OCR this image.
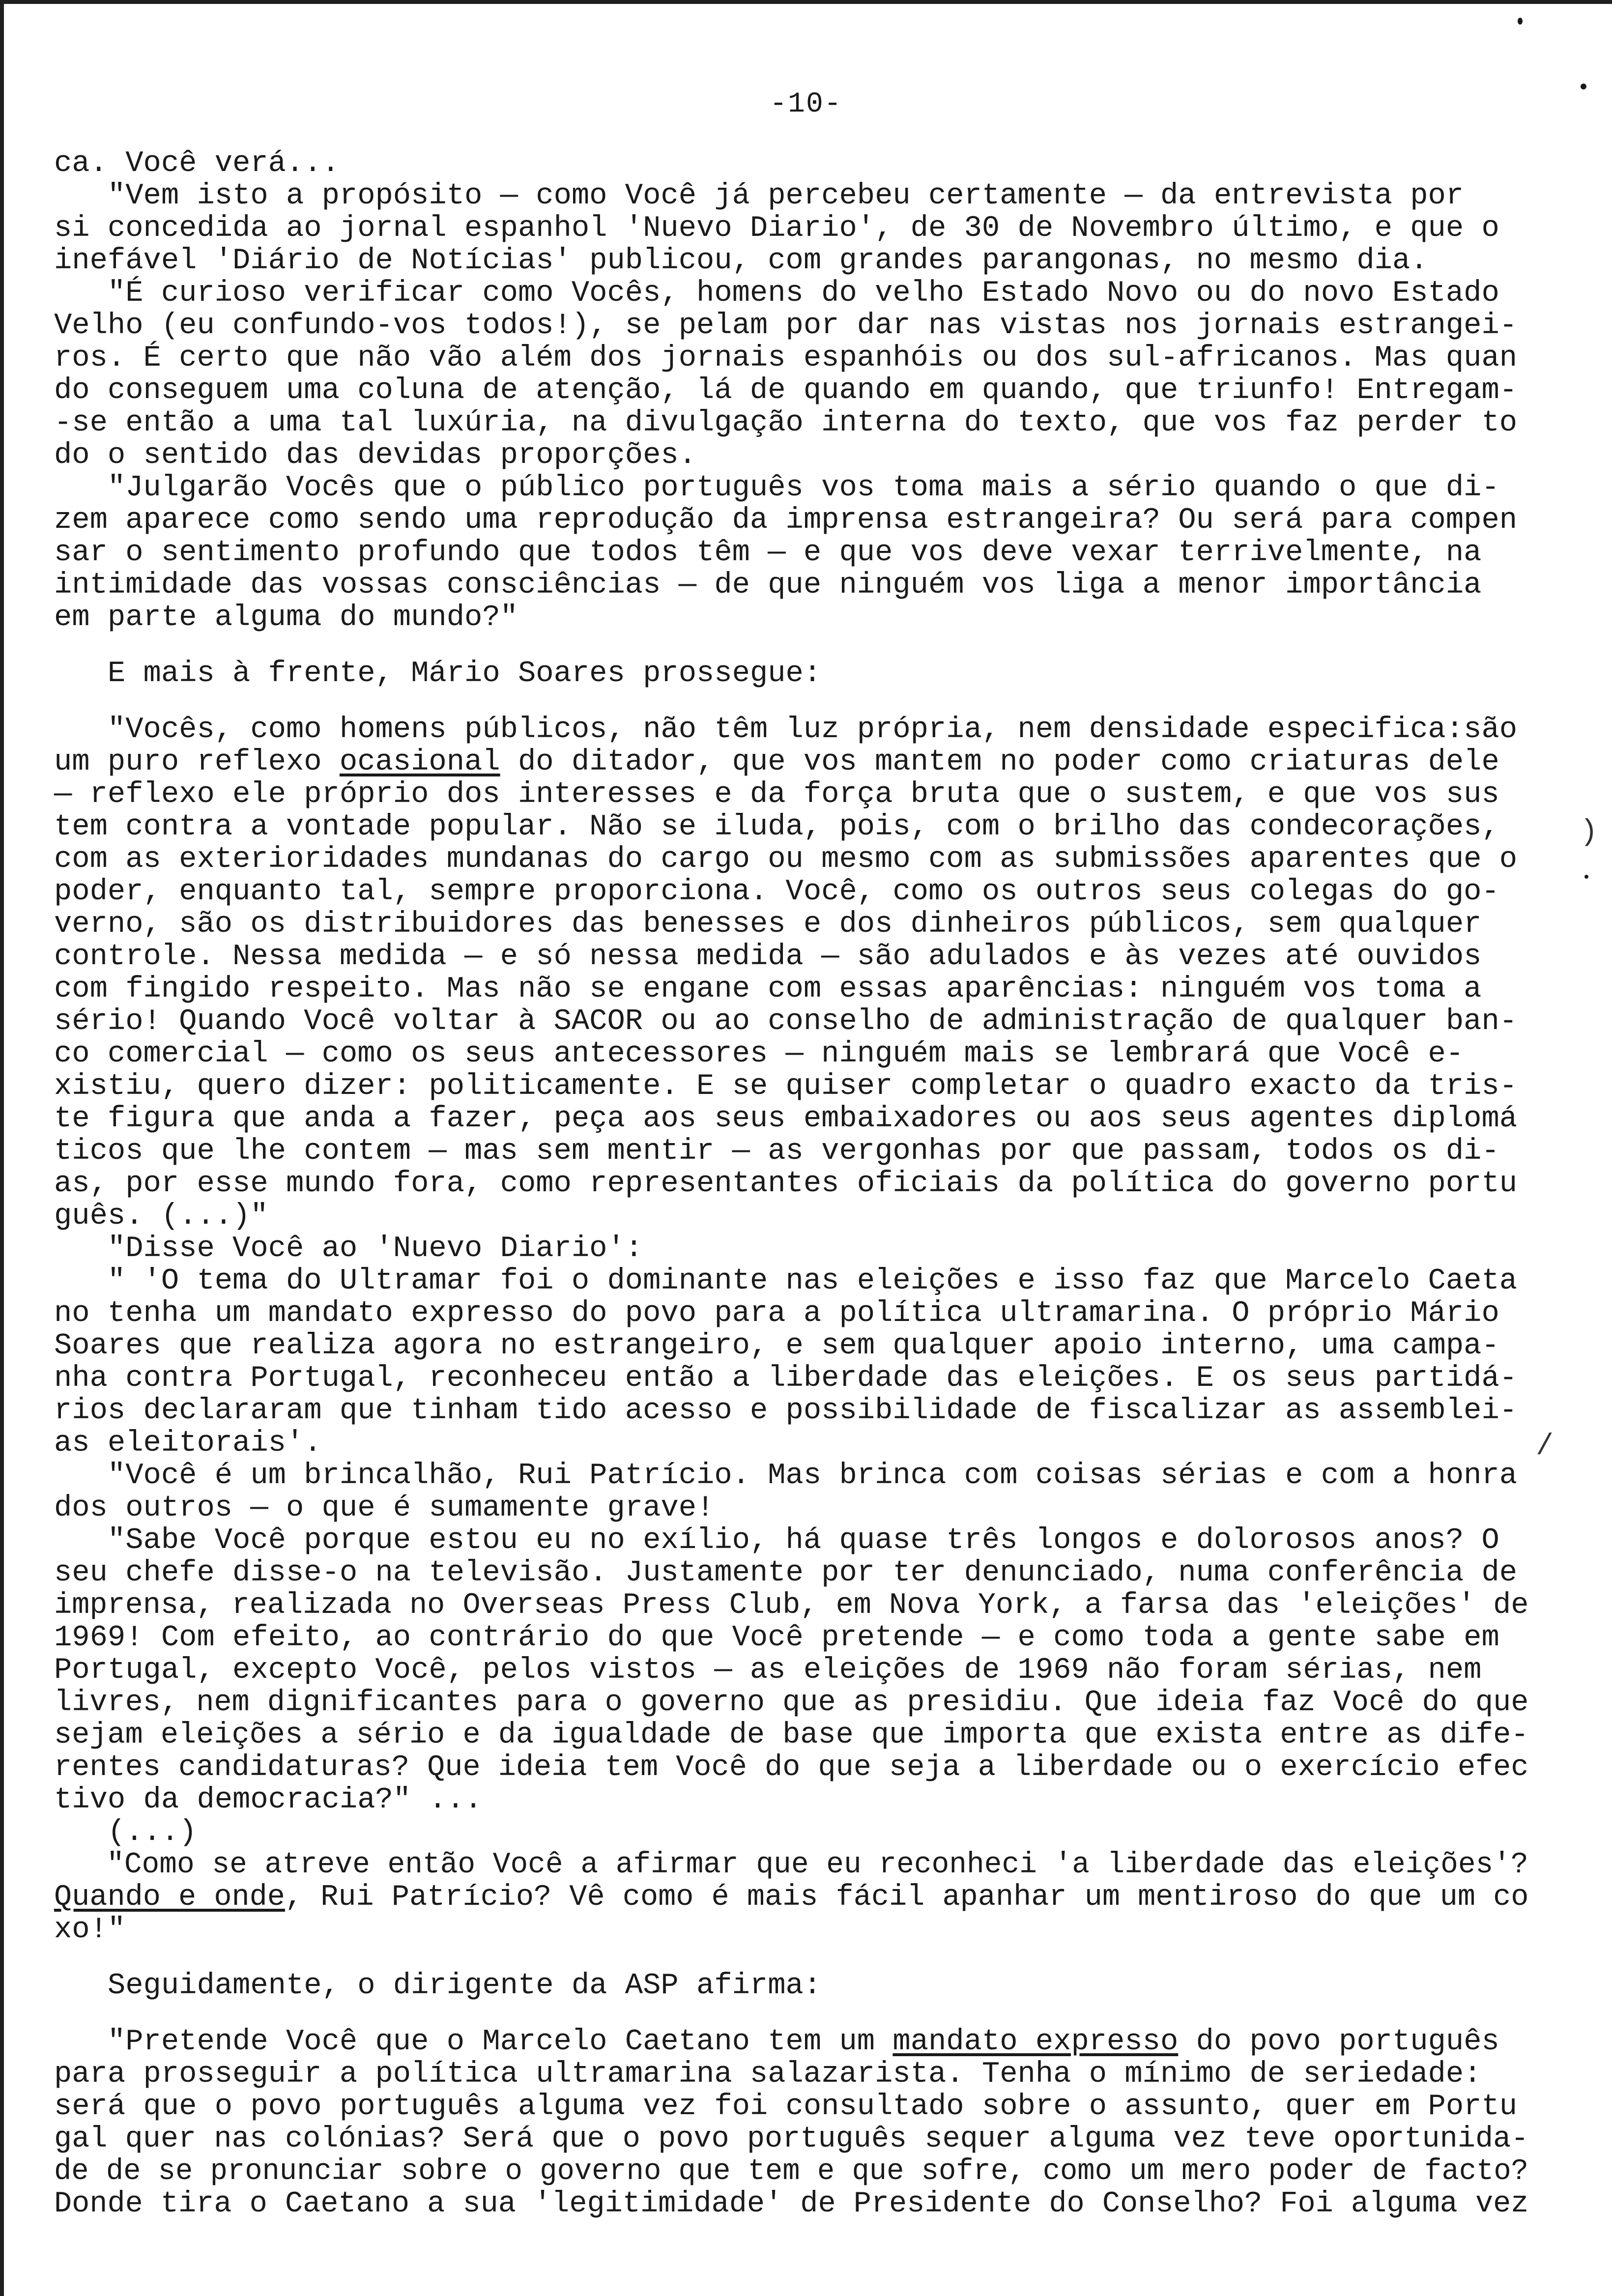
-10-
ca. Você verá...
"Vem isto a propósito — como Você já percebeu certamente — da entrevista por
si concedida ao jornal espanhol 'Nuevo Diario', de 30 de Novembro último, e que o
inefável 'Diário de Notícias' publicou, com grandes parangonas, no mesmo dia.
"É curioso verificar como Vocês, homens do velho Estado Novo ou do novo Estado
Velho (eu confundo-vos todos!), se pelam por dar nas vistas nos jornais estrangei-
ros. É certo que não vão além dos jornais espanhóis ou dos sul-africanos. Mas quan
do conseguem uma coluna de atenção, lá de quando em quando, que triunfo! Entregam-
-se então a uma tal luxúria, na divulgação interna do texto, que vos faz perder to
do o sentido das devidas proporções.
"Julgarão Vocês que o público português vos toma mais a sério quando o que di-
zem aparece como sendo uma reprodução da imprensa estrangeira? Ou será para compen
sar o sentimento profundo que todos têm — e que vos deve vexar terrivelmente, na
intimidade das vossas consciências — de que ninguém vos liga a menor importância
em parte alguma do mundo?"
E mais à frente, Mário Soares prossegue:
"Vocês, como homens públicos, não têm luz própria, nem densidade especifica:são
um puro reflexo ocasional do ditador, que vos mantem no poder como criaturas dele
— reflexo ele próprio dos interesses e da força bruta que o sustem, e que vos sus
tem contra a vontade popular. Não se iluda, pois, com o brilho das condecorações,
com as exterioridades mundanas do cargo ou mesmo com as submissões aparentes que o
poder, enquanto tal, sempre proporciona. Você, como os outros seus colegas do go-
verno, são os distribuidores das benesses e dos dinheiros públicos, sem qualquer
controle. Nessa medida — e só nessa medida — são adulados e às vezes até ouvidos
com fingido respeito. Mas não se engane com essas aparências: ninguém vos toma a
sério! Quando Você voltar à SACOR ou ao conselho de administração de qualquer ban-
co comercial — como os seus antecessores — ninguém mais se lembrará que Você e-
xistiu, quero dizer: politicamente. E se quiser completar o quadro exacto da tris-
te figura que anda a fazer, peça aos seus embaixadores ou aos seus agentes diplomá
ticos que lhe contem — mas sem mentir — as vergonhas por que passam, todos os di-
as, por esse mundo fora, como representantes oficiais da política do governo portu
guês. (...)"
"Disse Você ao 'Nuevo Diario':
" 'O tema do Ultramar foi o dominante nas eleições e isso faz que Marcelo Caeta
no tenha um mandato expresso do povo para a política ultramarina. O próprio Mário
Soares que realiza agora no estrangeiro, e sem qualquer apoio interno, uma campa-
nha contra Portugal, reconheceu então a liberdade das eleições. E os seus partidá-
rios declararam que tinham tido acesso e possibilidade de fiscalizar as assemblei-
as eleitorais'.
"Você é um brincalhão, Rui Patrício. Mas brinca com coisas sérias e com a honra
dos outros — o que é sumamente grave!
"Sabe Você porque estou eu no exílio, há quase três longos e dolorosos anos? O
seu chefe disse-o na televisão. Justamente por ter denunciado, numa conferência de
imprensa, realizada no Overseas Press Club, em Nova York, a farsa das 'eleições' de
1969! Com efeito, ao contrário do que Você pretende — e como toda a gente sabe em
Portugal, excepto Você, pelos vistos — as eleições de 1969 não foram sérias, nem
livres, nem dignificantes para o governo que as presidiu. Que ideia faz Você do que
sejam eleições a sério e da igualdade de base que importa que exista entre as dife-
rentes candidaturas? Que ideia tem Você do que seja a liberdade ou o exercício efec
tivo da democracia?" ...
(...)
"Como se atreve então Você a afirmar que eu reconheci 'a liberdade das eleições'?
Quando e onde, Rui Patrício? Vê como é mais fácil apanhar um mentiroso do que um co
xo!"
Seguidamente, o dirigente da ASP afirma:
"Pretende Você que o Marcelo Caetano tem um mandato expresso do povo português
para prosseguir a política ultramarina salazarista. Tenha o mínimo de seriedade:
será que o povo português alguma vez foi consultado sobre o assunto, quer em Portu
gal quer nas colónias? Será que o povo português sequer alguma vez teve oportunida-
de de se pronunciar sobre o governo que tem e que sofre, como um mero poder de facto?
Donde tira o Caetano a sua 'legitimidade' de Presidente do Conselho? Foi alguma vez
)
/
